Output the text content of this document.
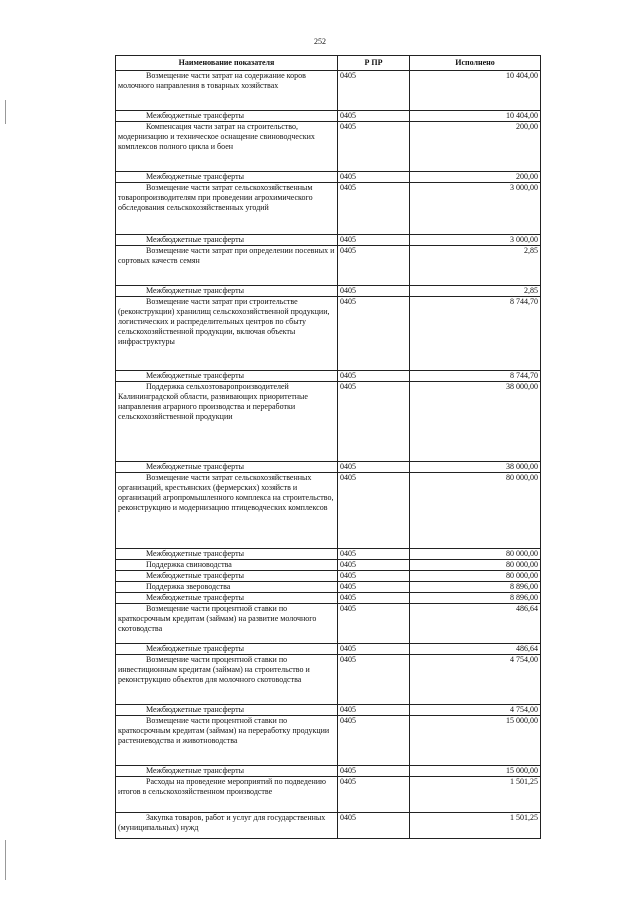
252
Наименование показателя	Р ПР	Исполнено
Возмещение части затрат на содержание коров молочного направления в товарных хозяйствах	0405	10 404,00
Межбюджетные трансферты	0405	10 404,00
Компенсация части затрат на строительство, модернизацию и техническое оснащение свиноводческих комплексов полного цикла и боен	0405	200,00
Межбюджетные трансферты	0405	200,00
Возмещение части затрат сельскохозяйственным товаропроизводителям при проведении агрохимического обследования сельскохозяйственных угодий	0405	3 000,00
Межбюджетные трансферты	0405	3 000,00
Возмещение части затрат при определении посевных и сортовых качеств семян	0405	2,85
Межбюджетные трансферты	0405	2,85
Возмещение части затрат при строительстве (реконструкции) хранилищ сельскохозяйственной продукции, логистических и распределительных центров по сбыту сельскохозяйственной продукции, включая объекты инфраструктуры	0405	8 744,70
Межбюджетные трансферты	0405	8 744,70
Поддержка сельхозтоваропроизводителей Калининградской области, развивающих приоритетные направления аграрного производства и переработки сельскохозяйственной продукции	0405	38 000,00
Межбюджетные трансферты	0405	38 000,00
Возмещение части затрат сельскохозяйственных организаций, крестьянских (фермерских) хозяйств и организаций агропромышленного комплекса на строительство, реконструкцию и модернизацию птицеводческих комплексов	0405	80 000,00
Межбюджетные трансферты	0405	80 000,00
Поддержка свиноводства	0405	80 000,00
Межбюджетные трансферты	0405	80 000,00
Поддержка звероводства	0405	8 896,00
Межбюджетные трансферты	0405	8 896,00
Возмещение части процентной ставки по краткосрочным кредитам (займам) на развитие молочного скотоводства	0405	486,64
Межбюджетные трансферты	0405	486,64
Возмещение части процентной ставки по инвестиционным кредитам (займам) на строительство и реконструкцию объектов для молочного скотоводства	0405	4 754,00
Межбюджетные трансферты	0405	4 754,00
Возмещение части процентной ставки по краткосрочным кредитам (займам) на переработку продукции растениеводства и животноводства	0405	15 000,00
Межбюджетные трансферты	0405	15 000,00
Расходы на проведение мероприятий по подведению итогов в сельскохозяйственном производстве	0405	1 501,25
Закупка товаров, работ и услуг для государственных (муниципальных) нужд	0405	1 501,25
